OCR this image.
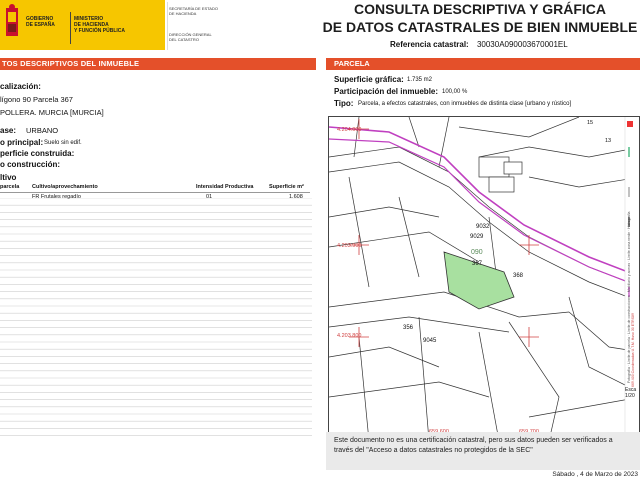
GOBIERNO
DE ESPAÑA
MINISTERIO
DE HACIENDA
Y FUNCIÓN PÚBLICA
SECRETARÍA DE ESTADO
DE HACIENDA
DIRECCIÓN GENERAL
DEL CATASTRO
CONSULTA DESCRIPTIVA Y GRÁFICA
DE DATOS CATASTRALES DE BIEN INMUEBLE
Referencia catastral: 30030A090003670001EL
TOS DESCRIPTIVOS DEL INMUEBLE
calización:
lígono 90 Parcela 367
POLLERA. MURCIA [MURCIA]
ase: URBANO
o principal: Suelo sin edif.
perficie construida:
o construcción:
ltivo
parcela Cultivo/aprovechamiento	Intensidad Productiva	Superficie m²
FR Frutales regadío	01	1.608
PARCELA
Superficie gráfica: 1.735 m2
Participación del inmueble: 100,00 %
Tipo: Parcela, a efectos catastrales, con inmuebles de distinta clase [urbano y rústico]
4.204.000
4.203.900
4.203.800
9032
9029
090
367
368
356
9045
15
13
Fotografía · Límite de parcela · Límite de construcciones · Mobiliario y aceras · Límite zona verde · Hidrografía
Esca
1/20
669.400 Coordenadas U.T.M. Huso 30 ETRS89
Este documento no es una certificación catastral, pero sus datos pueden ser verificados a través del "Acceso a datos catastrales no protegidos de la SEC"
Sábado , 4 de Marzo de 2023
